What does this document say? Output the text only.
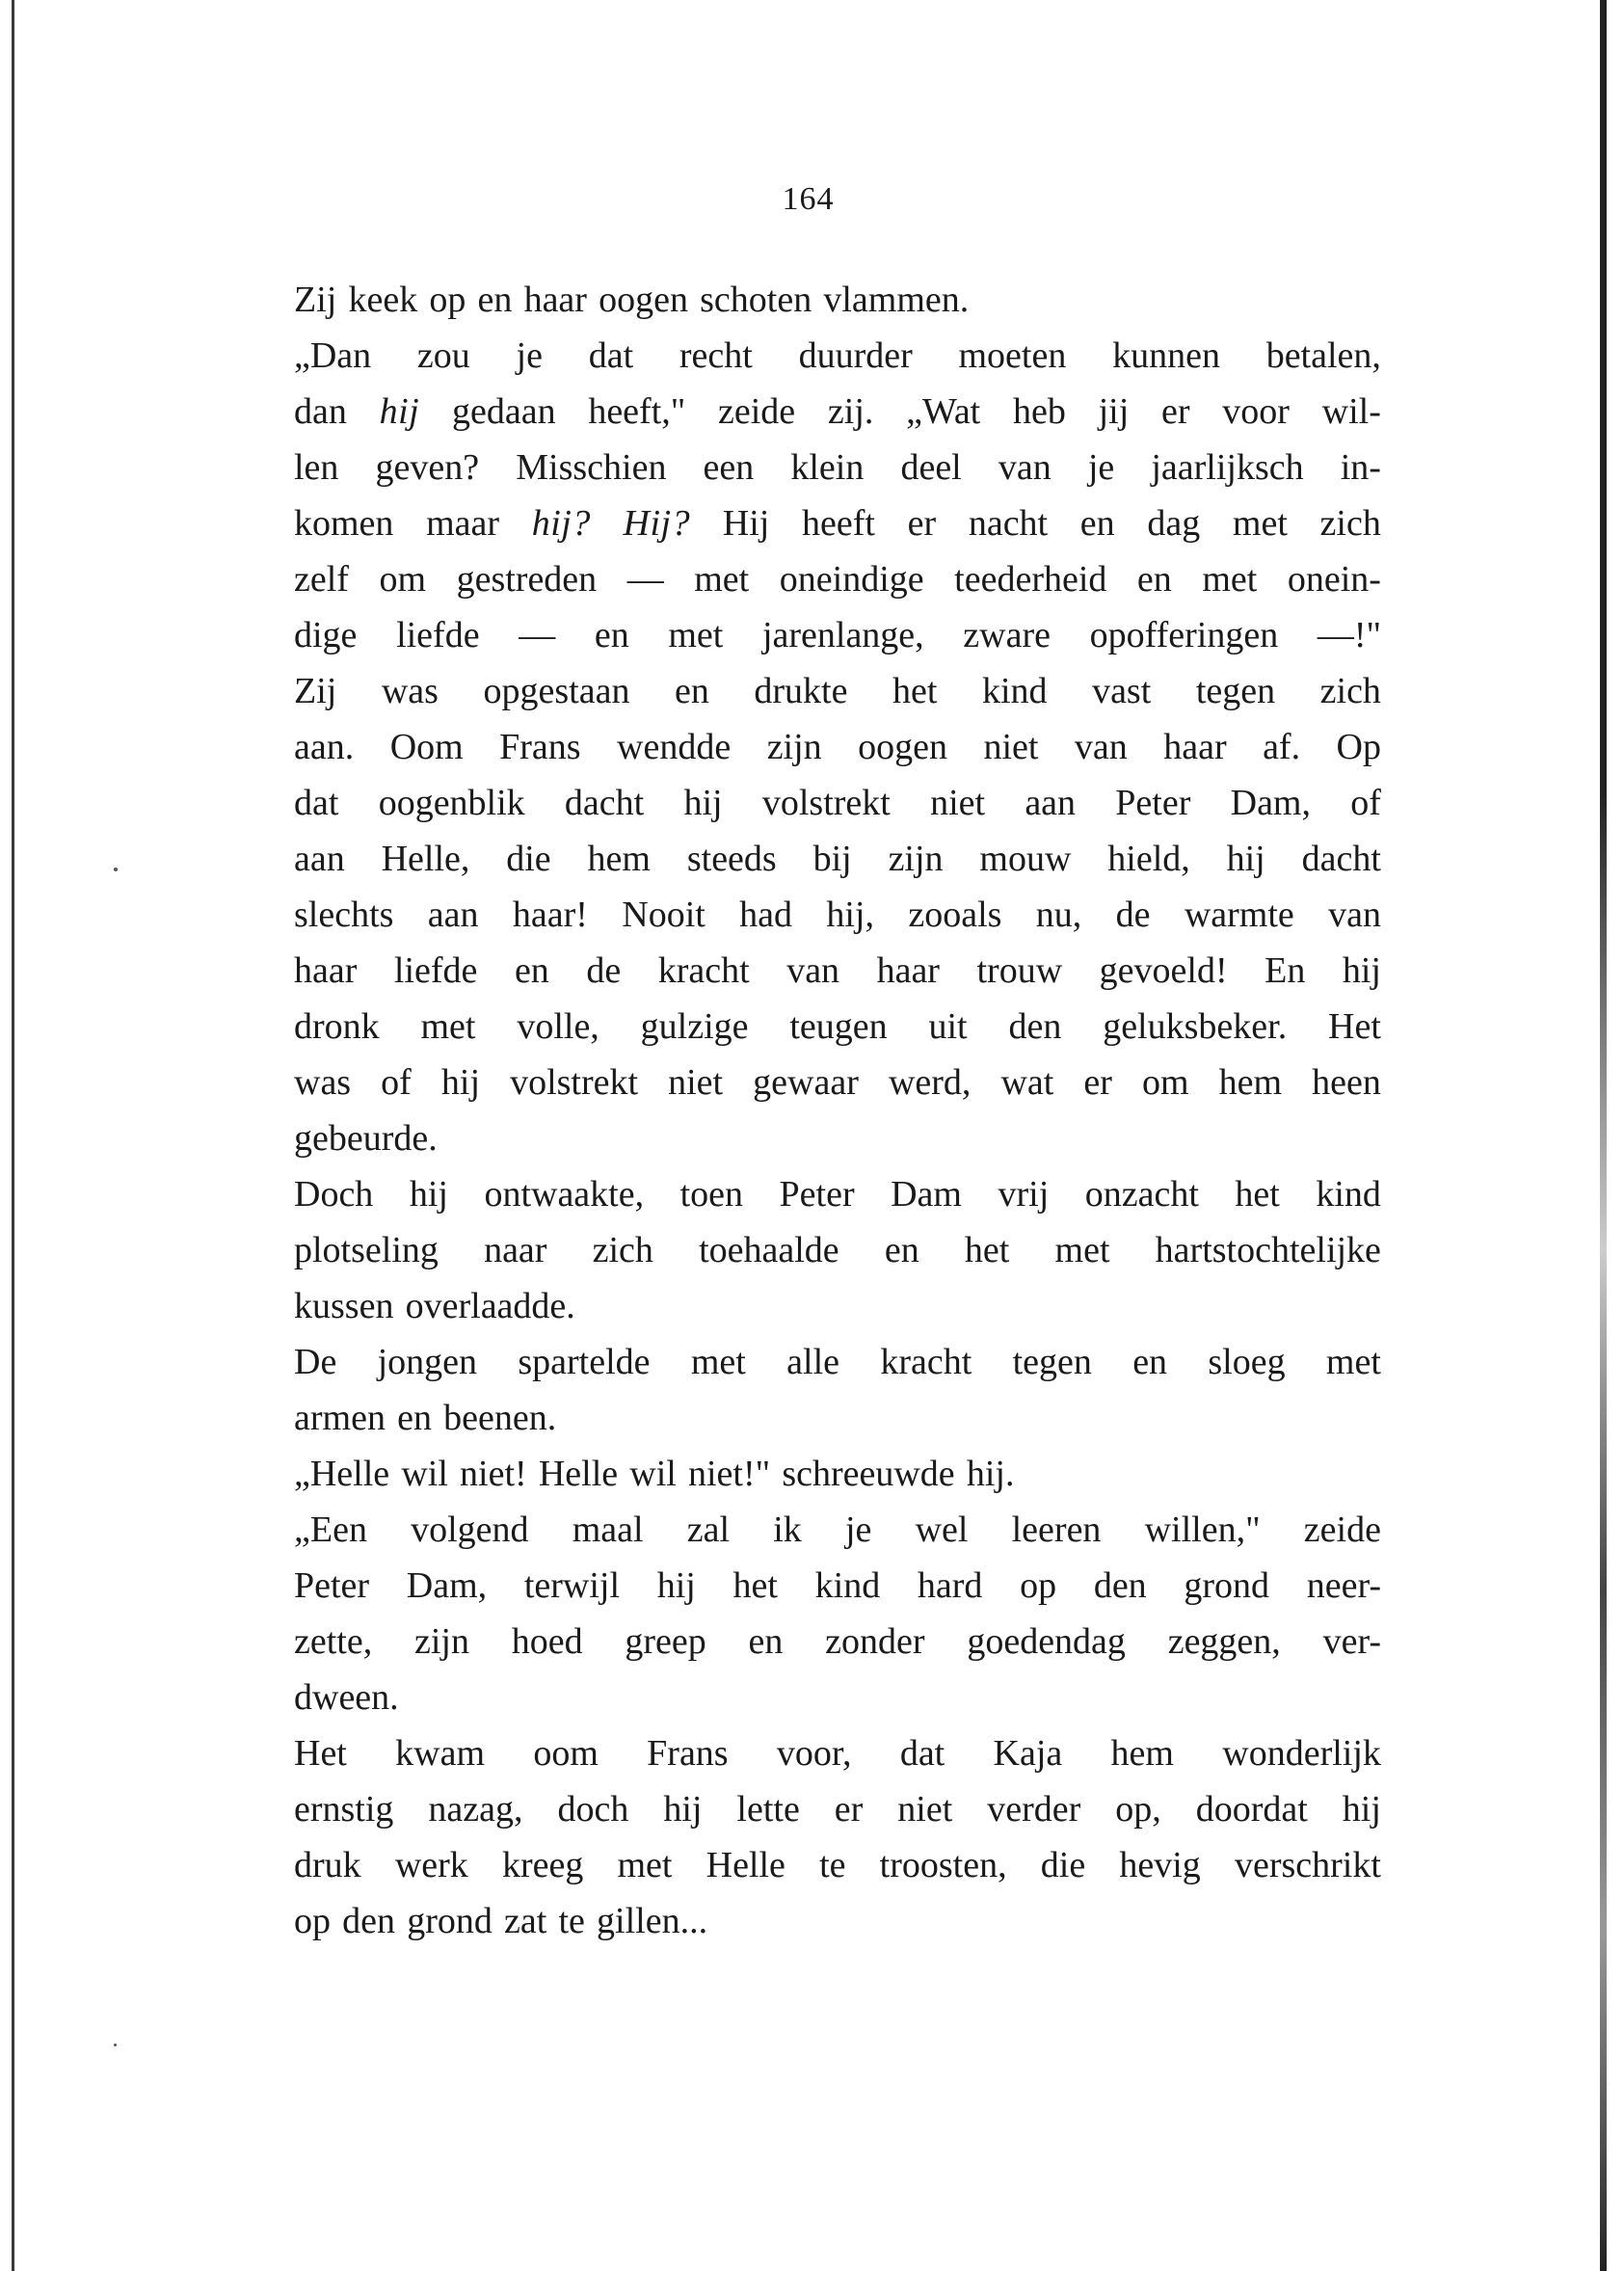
164
Zij keek op en haar oogen schoten vlammen.
„Dan zou je dat recht duurder moeten kunnen betalen,
dan hij gedaan heeft," zeide zij. „Wat heb jij er voor wil-
len geven? Misschien een klein deel van je jaarlijksch in-
komen maar hij? Hij? Hij heeft er nacht en dag met zich
zelf om gestreden — met oneindige teederheid en met onein-
dige liefde — en met jarenlange, zware opofferingen —!"
Zij was opgestaan en drukte het kind vast tegen zich
aan. Oom Frans wendde zijn oogen niet van haar af. Op
dat oogenblik dacht hij volstrekt niet aan Peter Dam, of
aan Helle, die hem steeds bij zijn mouw hield, hij dacht
slechts aan haar! Nooit had hij, zooals nu, de warmte van
haar liefde en de kracht van haar trouw gevoeld! En hij
dronk met volle, gulzige teugen uit den geluksbeker. Het
was of hij volstrekt niet gewaar werd, wat er om hem heen
gebeurde.
Doch hij ontwaakte, toen Peter Dam vrij onzacht het kind
plotseling naar zich toehaalde en het met hartstochtelijke
kussen overlaadde.
De jongen spartelde met alle kracht tegen en sloeg met
armen en beenen.
„Helle wil niet! Helle wil niet!" schreeuwde hij.
„Een volgend maal zal ik je wel leeren willen," zeide
Peter Dam, terwijl hij het kind hard op den grond neer-
zette, zijn hoed greep en zonder goedendag zeggen, ver-
dween.
Het kwam oom Frans voor, dat Kaja hem wonderlijk
ernstig nazag, doch hij lette er niet verder op, doordat hij
druk werk kreeg met Helle te troosten, die hevig verschrikt
op den grond zat te gillen...
